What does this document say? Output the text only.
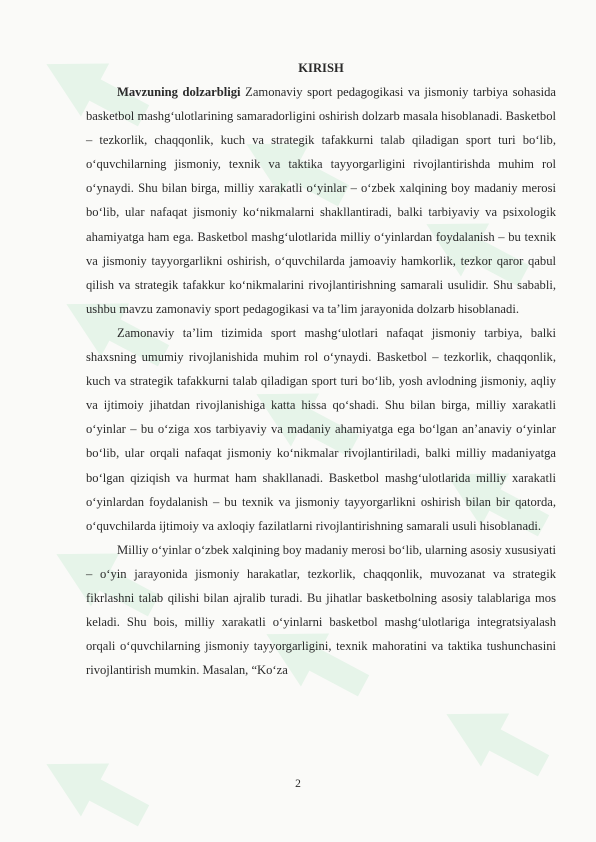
KIRISH

Mavzuning dolzarbligi Zamonaviy sport pedagogikasi va jismoniy tarbiya sohasida basketbol mashg‘ulotlarining samaradorligini oshirish dolzarb masala hisoblanadi. Basketbol – tezkorlik, chaqqonlik, kuch va strategik tafakkurni talab qiladigan sport turi bo‘lib, o‘quvchilarning jismoniy, texnik va taktika tayyorgarligini rivojlantirishda muhim rol o‘ynaydi. Shu bilan birga, milliy xarakatli o‘yinlar – o‘zbek xalqining boy madaniy merosi bo‘lib, ular nafaqat jismoniy ko‘nikmalarni shakllantiradi, balki tarbiyaviy va psixologik ahamiyatga ham ega. Basketbol mashg‘ulotlarida milliy o‘yinlardan foydalanish – bu texnik va jismoniy tayyorgarlikni oshirish, o‘quvchilarda jamoaviy hamkorlik, tezkor qaror qabul qilish va strategik tafakkur ko‘nikmalarini rivojlantirishning samarali usulidir. Shu sababli, ushbu mavzu zamonaviy sport pedagogikasi va ta’lim jarayonida dolzarb hisoblanadi.

Zamonaviy ta’lim tizimida sport mashg‘ulotlari nafaqat jismoniy tarbiya, balki shaxsning umumiy rivojlanishida muhim rol o‘ynaydi. Basketbol – tezkorlik, chaqqonlik, kuch va strategik tafakkurni talab qiladigan sport turi bo‘lib, yosh avlodning jismoniy, aqliy va ijtimoiy jihatdan rivojlanishiga katta hissa qo‘shadi. Shu bilan birga, milliy xarakatli o‘yinlar – bu o‘ziga xos tarbiyaviy va madaniy ahamiyatga ega bo‘lgan an’anaviy o‘yinlar bo‘lib, ular orqali nafaqat jismoniy ko‘nikmalar rivojlantiriladi, balki milliy madaniyatga bo‘lgan qiziqish va hurmat ham shakllanadi. Basketbol mashg‘ulotlarida milliy xarakatli o‘yinlardan foydalanish – bu texnik va jismoniy tayyorgarlikni oshirish bilan bir qatorda, o‘quvchilarda ijtimoiy va axloqiy fazilatlarni rivojlantirishning samarali usuli hisoblanadi.

Milliy o‘yinlar o‘zbek xalqining boy madaniy merosi bo‘lib, ularning asosiy xususiyati – o‘yin jarayonida jismoniy harakatlar, tezkorlik, chaqqonlik, muvozanat va strategik fikrlashni talab qilishi bilan ajralib turadi. Bu jihatlar basketbolning asosiy talablariga mos keladi. Shu bois, milliy xarakatli o‘yinlarni basketbol mashg‘ulotlariga integratsiyalash orqali o‘quvchilarning jismoniy tayyorgarligini, texnik mahoratini va taktika tushunchasini rivojlantirish mumkin. Masalan, “Ko‘za

2
